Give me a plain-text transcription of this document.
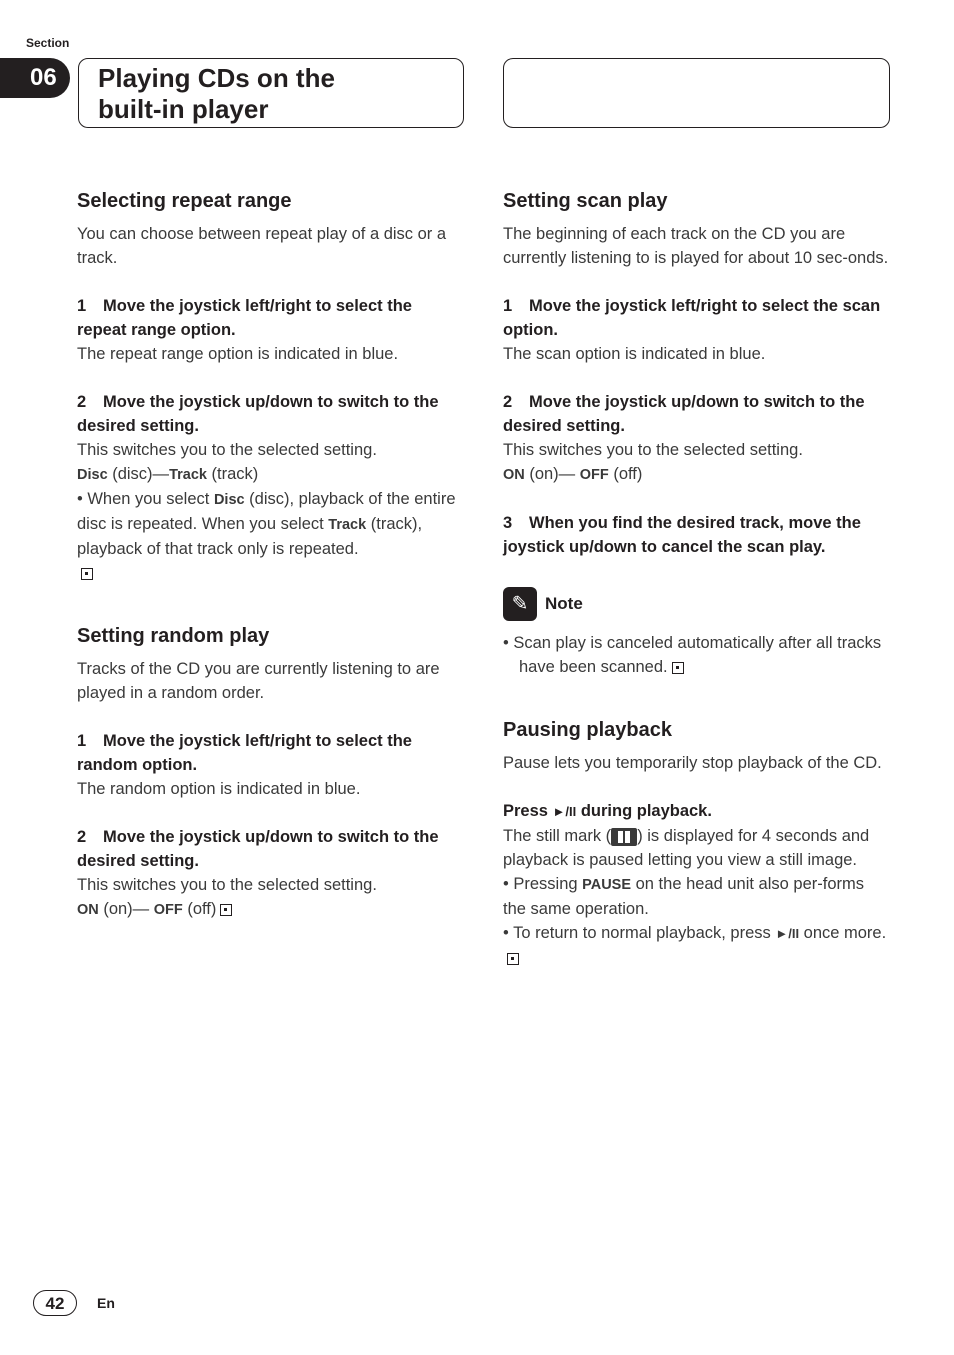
Section
06	Playing CDs on the
built-in player
Selecting repeat range

You can choose between repeat play of a disc or a track.

1 Move the joystick left/right to select the repeat range option.

The repeat range option is indicated in blue.

2 Move the joystick up/down to switch to the desired setting.

This switches you to the selected setting.

Disc (disc)—Track (track)

• When you select Disc (disc), playback of the entire disc is repeated. When you select Track (track), playback of that track only is repeated.

Setting random play

Tracks of the CD you are currently listening to are played in a random order.

1 Move the joystick left/right to select the random option.

The random option is indicated in blue.

2 Move the joystick up/down to switch to the desired setting.

This switches you to the selected setting.

ON (on)— OFF (off)

Setting scan play

The beginning of each track on the CD you are currently listening to is played for about 10 sec-onds.

1 Move the joystick left/right to select the scan option.

The scan option is indicated in blue.

2 Move the joystick up/down to switch to the desired setting.

This switches you to the selected setting.

ON (on)— OFF (off)

3 When you find the desired track, move the joystick up/down to cancel the scan play.

✎ Note

• Scan play is canceled automatically after all tracks have been scanned.

Pausing playback

Pause lets you temporarily stop playback of the CD.

Press ►/II during playback.

The still mark ( ) is displayed for 4 seconds and playback is paused letting you view a still image.

• Pressing PAUSE on the head unit also per-forms the same operation.

• To return to normal playback, press ►/II once more.

42	En
